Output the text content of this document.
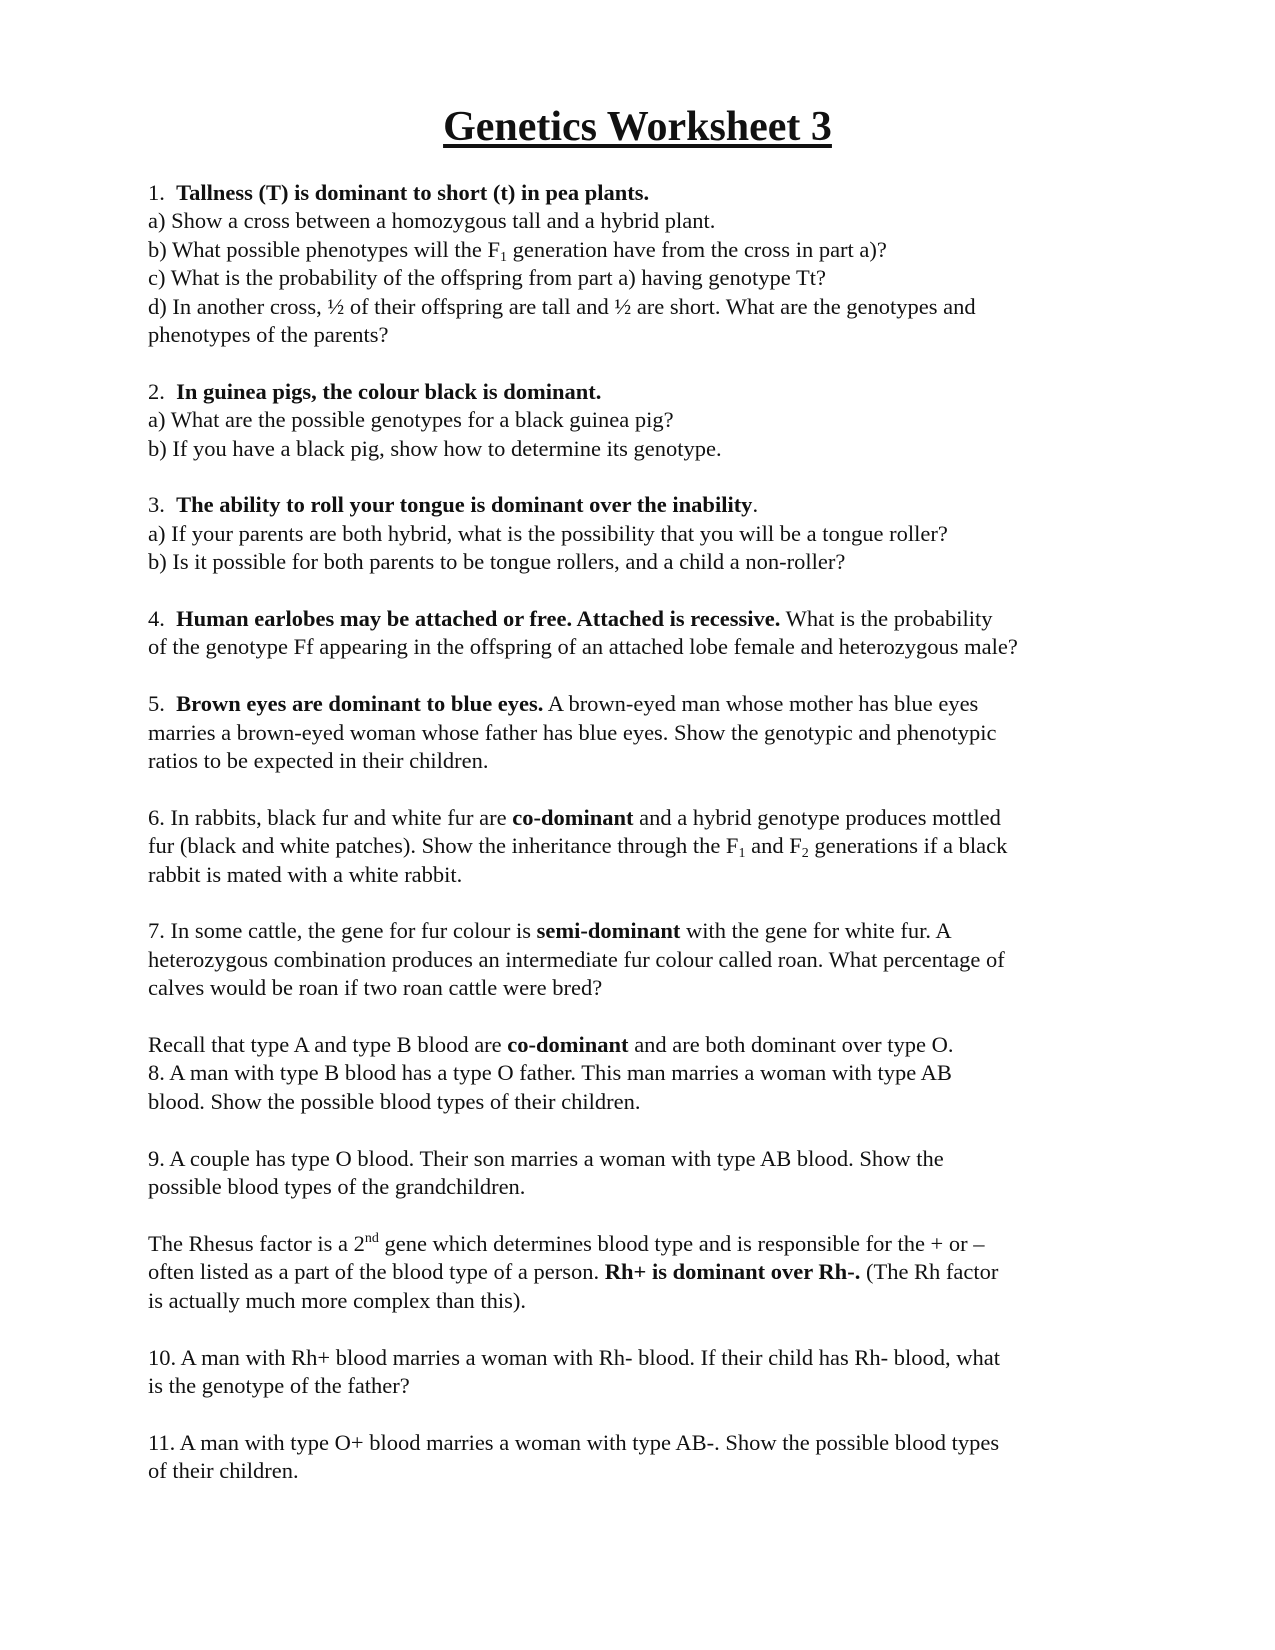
Genetics Worksheet 3
1. Tallness (T) is dominant to short (t) in pea plants.
a) Show a cross between a homozygous tall and a hybrid plant.
b) What possible phenotypes will the $F_1$ generation have from the cross in part a)?
c) What is the probability of the offspring from part a) having genotype Tt?
d) In another cross, ½ of their offspring are tall and ½ are short. What are the genotypes and
phenotypes of the parents?
2. In guinea pigs, the colour black is dominant.
a) What are the possible genotypes for a black guinea pig?
b) If you have a black pig, show how to determine its genotype.
3. The ability to roll your tongue is dominant over the inability.
a) If your parents are both hybrid, what is the possibility that you will be a tongue roller?
b) Is it possible for both parents to be tongue rollers, and a child a non-roller?
4. Human earlobes may be attached or free. Attached is recessive. What is the probability
of the genotype Ff appearing in the offspring of an attached lobe female and heterozygous male?
5. Brown eyes are dominant to blue eyes. A brown-eyed man whose mother has blue eyes
marries a brown-eyed woman whose father has blue eyes. Show the genotypic and phenotypic
ratios to be expected in their children.
6. In rabbits, black fur and white fur are co-dominant and a hybrid genotype produces mottled
fur (black and white patches). Show the inheritance through the $F_1$ and $F_2$ generations if a black
rabbit is mated with a white rabbit.
7. In some cattle, the gene for fur colour is semi-dominant with the gene for white fur. A
heterozygous combination produces an intermediate fur colour called roan. What percentage of
calves would be roan if two roan cattle were bred?
Recall that type A and type B blood are co-dominant and are both dominant over type O.
8. A man with type B blood has a type O father. This man marries a woman with type AB
blood. Show the possible blood types of their children.
9. A couple has type O blood. Their son marries a woman with type AB blood. Show the
possible blood types of the grandchildren.
The Rhesus factor is a 2nd gene which determines blood type and is responsible for the + or –
often listed as a part of the blood type of a person. Rh+ is dominant over Rh-. (The Rh factor
is actually much more complex than this).
10. A man with Rh+ blood marries a woman with Rh- blood. If their child has Rh- blood, what
is the genotype of the father?
11. A man with type O+ blood marries a woman with type AB-. Show the possible blood types
of their children.
